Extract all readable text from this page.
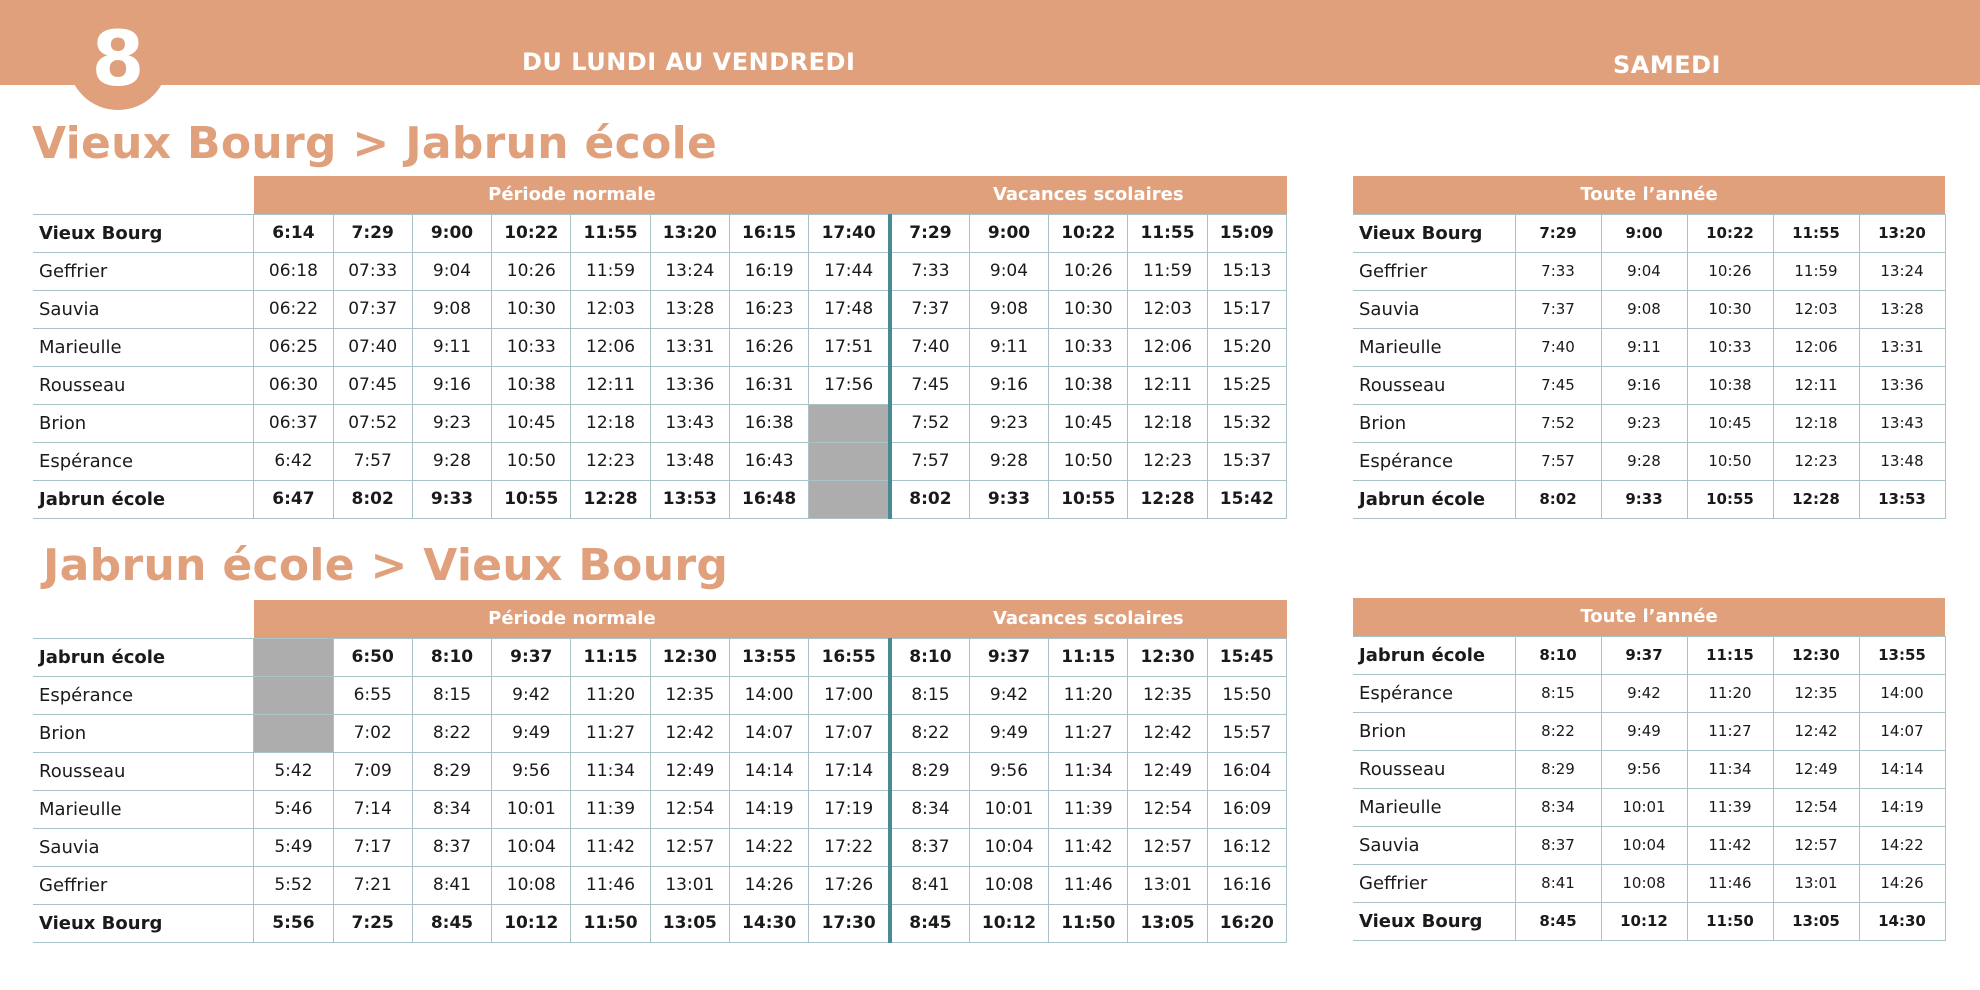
8	DU LUNDI AU VENDREDI	SAMEDI
Vieux Bourg > Jabrun école
	Période normale								Vacances scolaires				
Vieux Bourg	6:14	7:29	9:00	10:22	11:55	13:20	16:15	17:40	7:29	9:00	10:22	11:55	15:09
Geffrier	06:18	07:33	9:04	10:26	11:59	13:24	16:19	17:44	7:33	9:04	10:26	11:59	15:13
Sauvia	06:22	07:37	9:08	10:30	12:03	13:28	16:23	17:48	7:37	9:08	10:30	12:03	15:17
Marieulle	06:25	07:40	9:11	10:33	12:06	13:31	16:26	17:51	7:40	9:11	10:33	12:06	15:20
Rousseau	06:30	07:45	9:16	10:38	12:11	13:36	16:31	17:56	7:45	9:16	10:38	12:11	15:25
Brion	06:37	07:52	9:23	10:45	12:18	13:43	16:38		7:52	9:23	10:45	12:18	15:32
Espérance	6:42	7:57	9:28	10:50	12:23	13:48	16:43		7:57	9:28	10:50	12:23	15:37
Jabrun école	6:47	8:02	9:33	10:55	12:28	13:53	16:48		8:02	9:33	10:55	12:28	15:42
Toute l’année					
Vieux Bourg	7:29	9:00	10:22	11:55	13:20
Geffrier	7:33	9:04	10:26	11:59	13:24
Sauvia	7:37	9:08	10:30	12:03	13:28
Marieulle	7:40	9:11	10:33	12:06	13:31
Rousseau	7:45	9:16	10:38	12:11	13:36
Brion	7:52	9:23	10:45	12:18	13:43
Espérance	7:57	9:28	10:50	12:23	13:48
Jabrun école	8:02	9:33	10:55	12:28	13:53
Jabrun école > Vieux Bourg
	Période normale								Vacances scolaires				
Jabrun école		6:50	8:10	9:37	11:15	12:30	13:55	16:55	8:10	9:37	11:15	12:30	15:45
Espérance		6:55	8:15	9:42	11:20	12:35	14:00	17:00	8:15	9:42	11:20	12:35	15:50
Brion		7:02	8:22	9:49	11:27	12:42	14:07	17:07	8:22	9:49	11:27	12:42	15:57
Rousseau	5:42	7:09	8:29	9:56	11:34	12:49	14:14	17:14	8:29	9:56	11:34	12:49	16:04
Marieulle	5:46	7:14	8:34	10:01	11:39	12:54	14:19	17:19	8:34	10:01	11:39	12:54	16:09
Sauvia	5:49	7:17	8:37	10:04	11:42	12:57	14:22	17:22	8:37	10:04	11:42	12:57	16:12
Geffrier	5:52	7:21	8:41	10:08	11:46	13:01	14:26	17:26	8:41	10:08	11:46	13:01	16:16
Vieux Bourg	5:56	7:25	8:45	10:12	11:50	13:05	14:30	17:30	8:45	10:12	11:50	13:05	16:20
Toute l’année					
Jabrun école	8:10	9:37	11:15	12:30	13:55
Espérance	8:15	9:42	11:20	12:35	14:00
Brion	8:22	9:49	11:27	12:42	14:07
Rousseau	8:29	9:56	11:34	12:49	14:14
Marieulle	8:34	10:01	11:39	12:54	14:19
Sauvia	8:37	10:04	11:42	12:57	14:22
Geffrier	8:41	10:08	11:46	13:01	14:26
Vieux Bourg	8:45	10:12	11:50	13:05	14:30
